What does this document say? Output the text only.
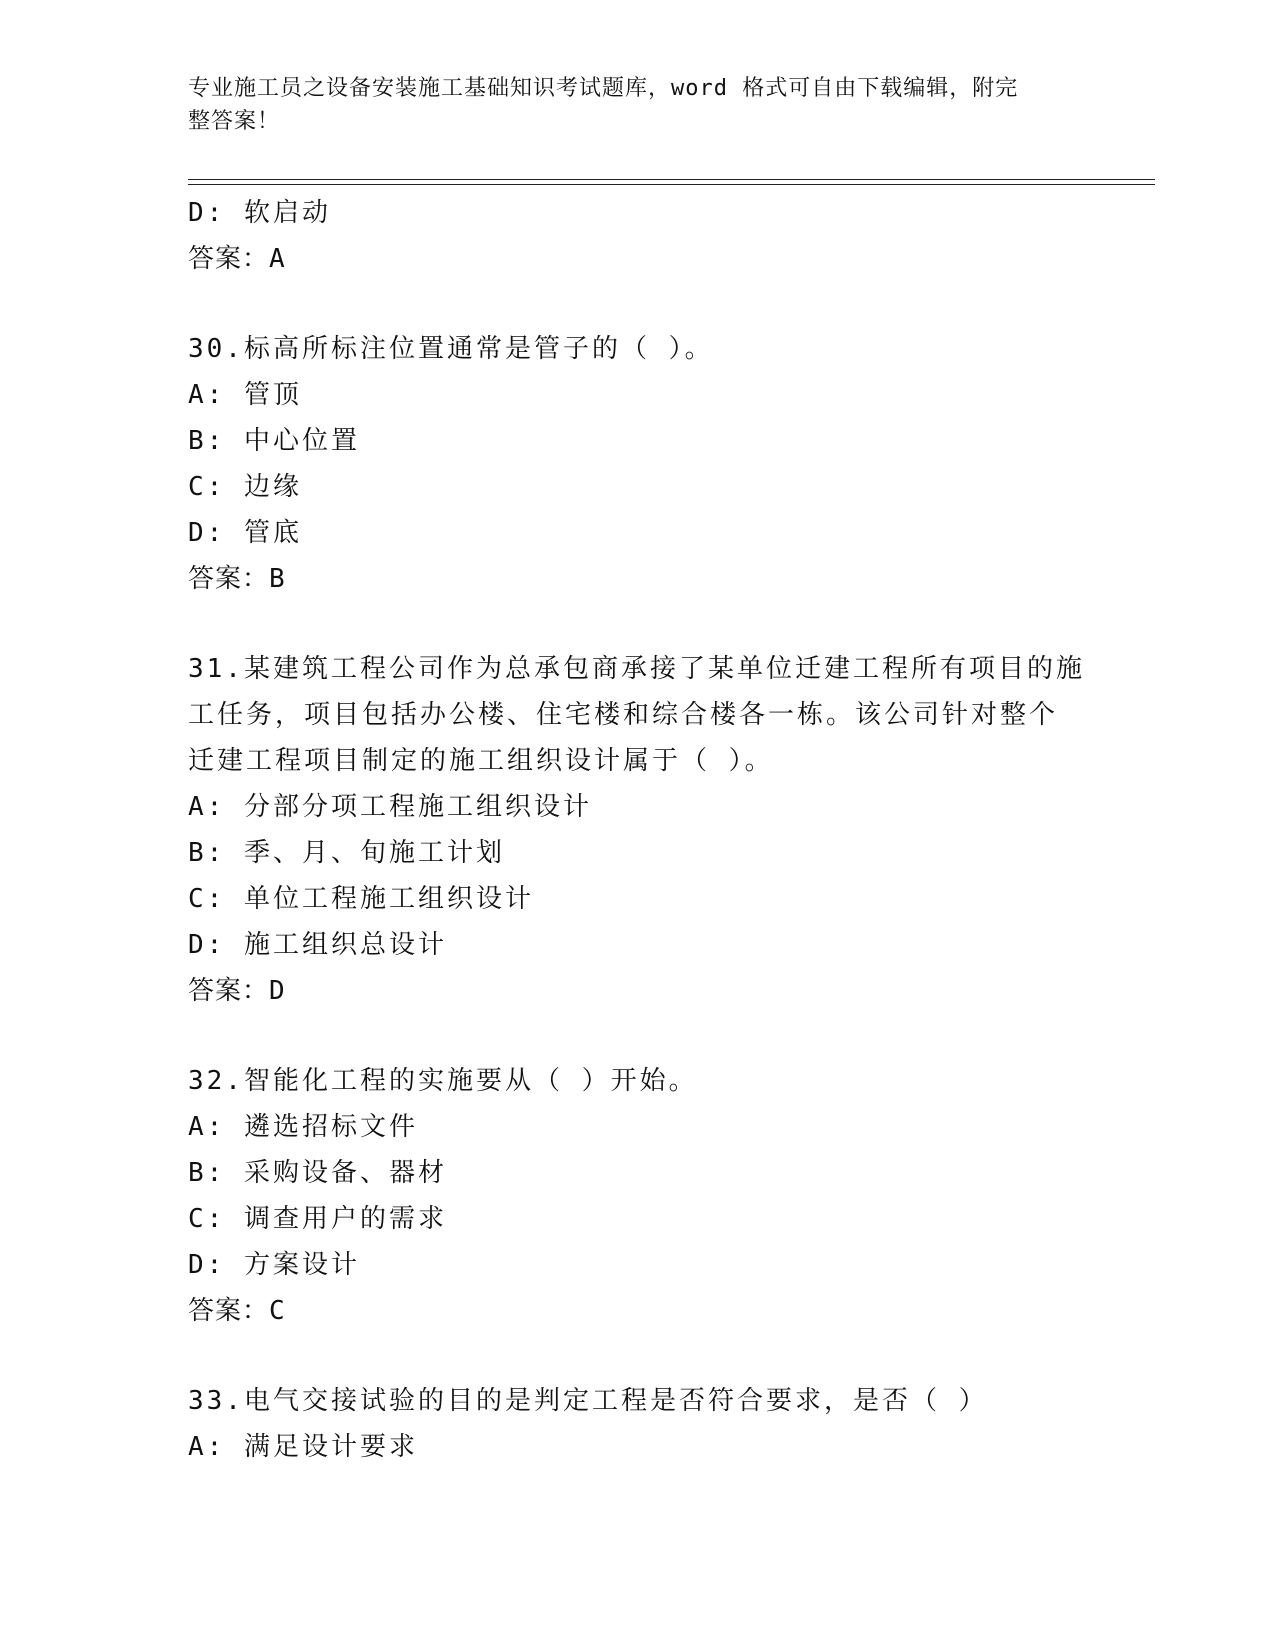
专业施工员之设备安装施工基础知识考试题库，word 格式可自由下载编辑，附完
整答案！
D: 软启动
答案：A
30.标高所标注位置通常是管子的（ ）。
A: 管顶
B: 中心位置
C: 边缘
D: 管底
答案：B
31.某建筑工程公司作为总承包商承接了某单位迁建工程所有项目的施
工任务，项目包括办公楼、住宅楼和综合楼各一栋。该公司针对整个
迁建工程项目制定的施工组织设计属于（ ）。
A: 分部分项工程施工组织设计
B: 季、月、旬施工计划
C: 单位工程施工组织设计
D: 施工组织总设计
答案：D
32.智能化工程的实施要从（ ）开始。
A: 遴选招标文件
B: 采购设备、器材
C: 调查用户的需求
D: 方案设计
答案：C
33.电气交接试验的目的是判定工程是否符合要求，是否（ ）
A: 满足设计要求
